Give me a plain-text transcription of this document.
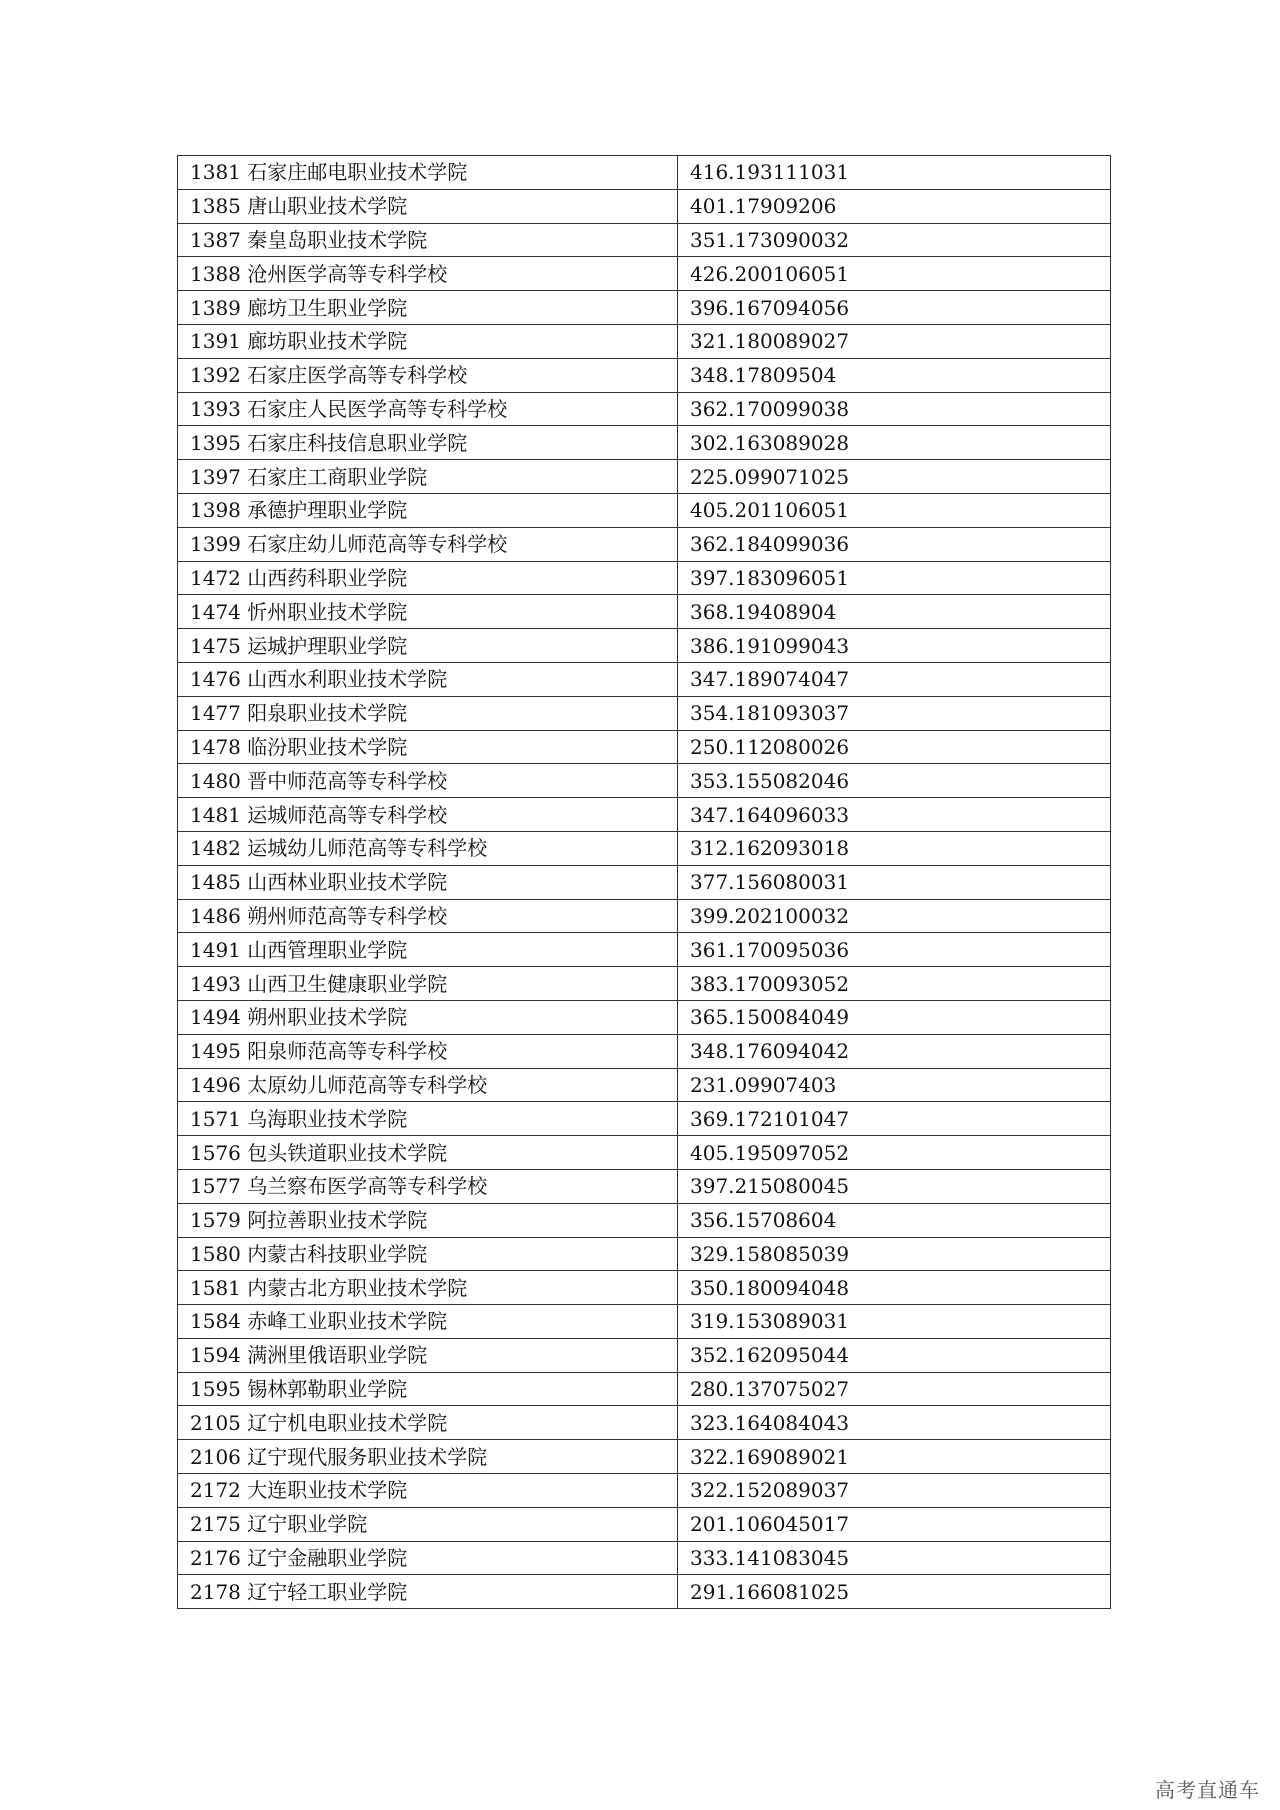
1381 石家庄邮电职业技术学院	416.193111031
1385 唐山职业技术学院	401.17909206
1387 秦皇岛职业技术学院	351.173090032
1388 沧州医学高等专科学校	426.200106051
1389 廊坊卫生职业学院	396.167094056
1391 廊坊职业技术学院	321.180089027
1392 石家庄医学高等专科学校	348.17809504
1393 石家庄人民医学高等专科学校	362.170099038
1395 石家庄科技信息职业学院	302.163089028
1397 石家庄工商职业学院	225.099071025
1398 承德护理职业学院	405.201106051
1399 石家庄幼儿师范高等专科学校	362.184099036
1472 山西药科职业学院	397.183096051
1474 忻州职业技术学院	368.19408904
1475 运城护理职业学院	386.191099043
1476 山西水利职业技术学院	347.189074047
1477 阳泉职业技术学院	354.181093037
1478 临汾职业技术学院	250.112080026
1480 晋中师范高等专科学校	353.155082046
1481 运城师范高等专科学校	347.164096033
1482 运城幼儿师范高等专科学校	312.162093018
1485 山西林业职业技术学院	377.156080031
1486 朔州师范高等专科学校	399.202100032
1491 山西管理职业学院	361.170095036
1493 山西卫生健康职业学院	383.170093052
1494 朔州职业技术学院	365.150084049
1495 阳泉师范高等专科学校	348.176094042
1496 太原幼儿师范高等专科学校	231.09907403
1571 乌海职业技术学院	369.172101047
1576 包头铁道职业技术学院	405.195097052
1577 乌兰察布医学高等专科学校	397.215080045
1579 阿拉善职业技术学院	356.15708604
1580 内蒙古科技职业学院	329.158085039
1581 内蒙古北方职业技术学院	350.180094048
1584 赤峰工业职业技术学院	319.153089031
1594 满洲里俄语职业学院	352.162095044
1595 锡林郭勒职业学院	280.137075027
2105 辽宁机电职业技术学院	323.164084043
2106 辽宁现代服务职业技术学院	322.169089021
2172 大连职业技术学院	322.152089037
2175 辽宁职业学院	201.106045017
2176 辽宁金融职业学院	333.141083045
2178 辽宁轻工职业学院	291.166081025
高考直通车
